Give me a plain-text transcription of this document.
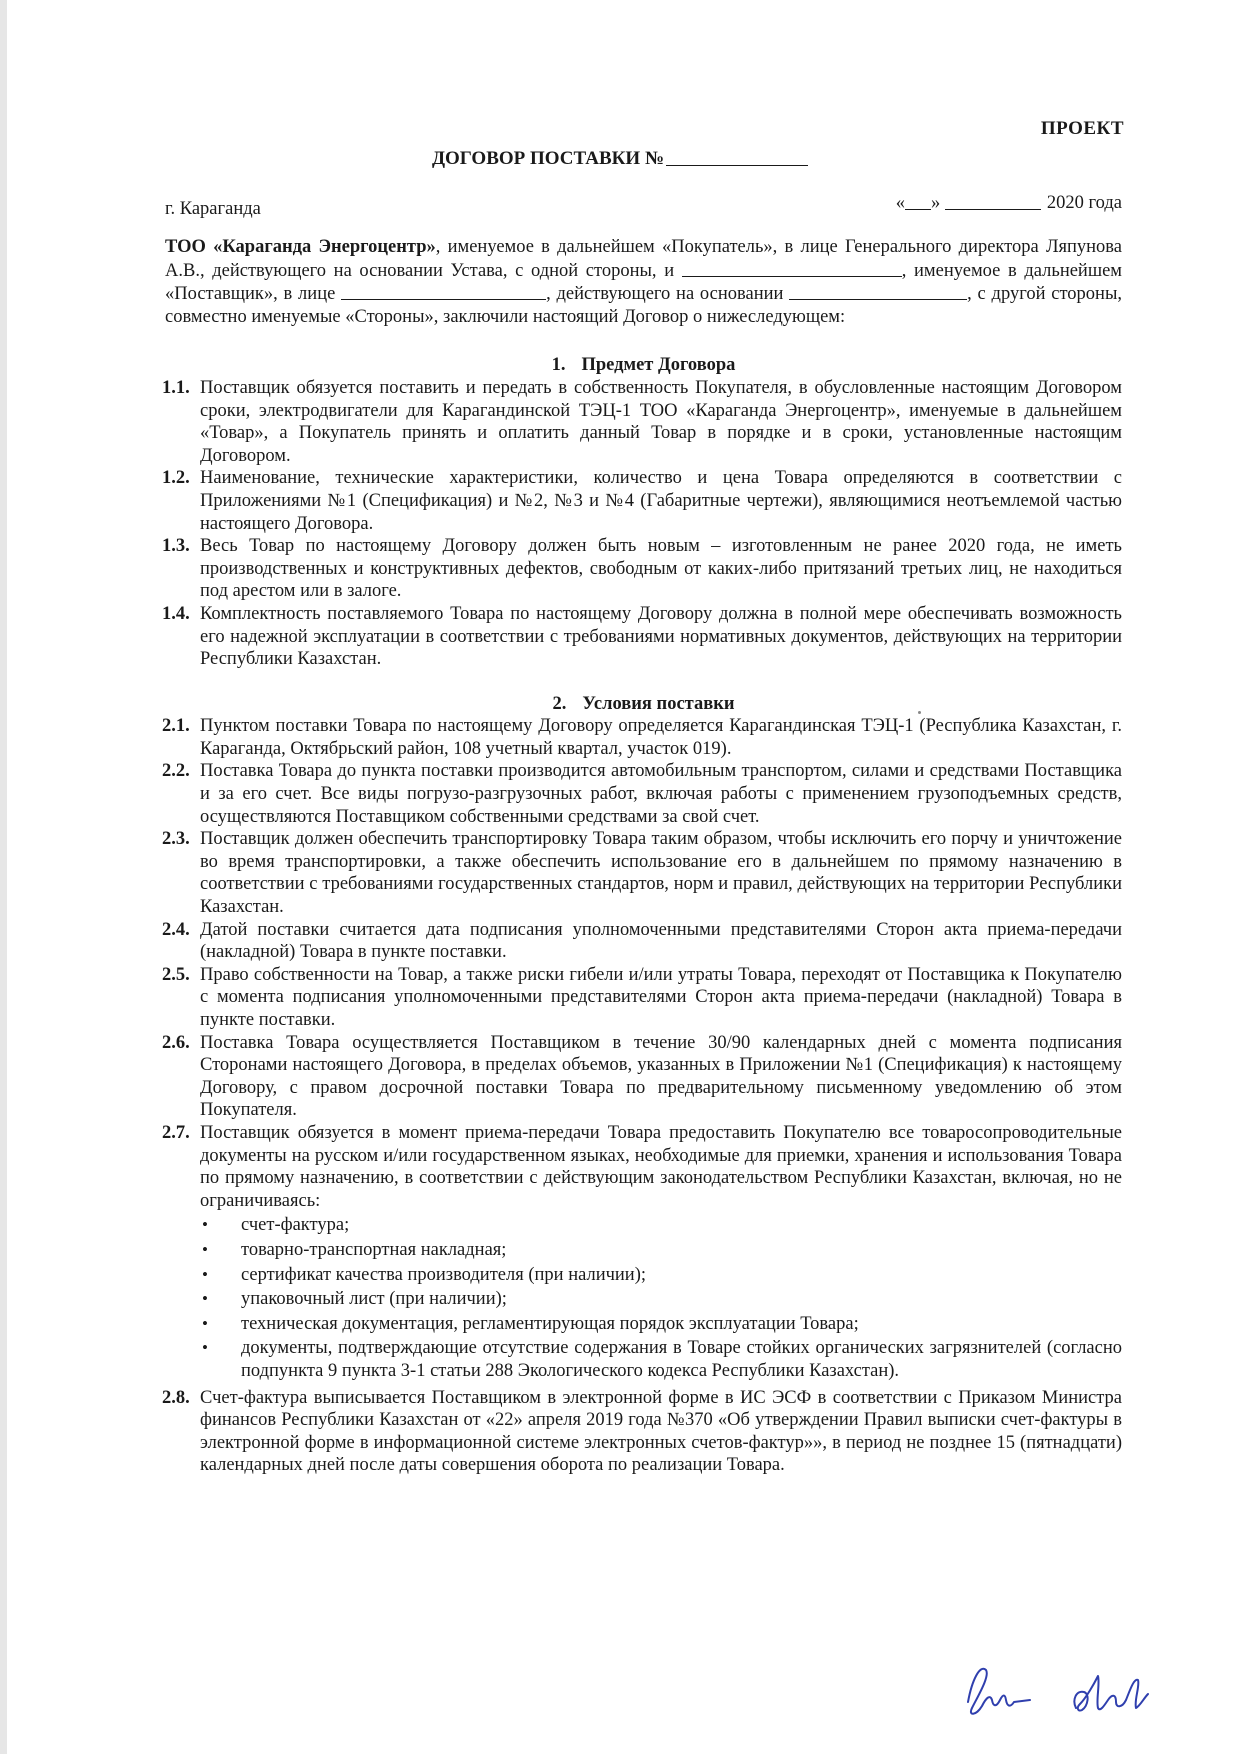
ПРОЕКТ
ДОГОВОР ПОСТАВКИ №
г. Караганда	« »	2020 года

ТОО «Караганда Энергоцентр», именуемое в дальнейшем «Покупатель», в лице Генерального директора Ляпунова А.В., действующего на основании Устава, с одной стороны, и	, именуемое в дальнейшем «Поставщик», в лице	, действующего на основании	, с другой стороны, совместно именуемые «Стороны», заключили настоящий Договор о нижеследующем:

1. Предмет Договора

1.1. Поставщик обязуется поставить и передать в собственность Покупателя, в обусловленные настоящим Договором сроки, электродвигатели для Карагандинской ТЭЦ-1 ТОО «Караганда Энергоцентр», именуемые в дальнейшем «Товар», а Покупатель принять и оплатить данный Товар в порядке и в сроки, установленные настоящим Договором.

1.2. Наименование, технические характеристики, количество и цена Товара определяются в соответствии с Приложениями №1 (Спецификация) и №2, №3 и №4 (Габаритные чертежи), являющимися неотъемлемой частью настоящего Договора.

1.3. Весь Товар по настоящему Договору должен быть новым – изготовленным не ранее 2020 года, не иметь производственных и конструктивных дефектов, свободным от каких-либо притязаний третьих лиц, не находиться под арестом или в залоге.

1.4. Комплектность поставляемого Товара по настоящему Договору должна в полной мере обеспечивать возможность его надежной эксплуатации в соответствии с требованиями нормативных документов, действующих на территории Республики Казахстан.

2. Условия поставки

2.1. Пунктом поставки Товара по настоящему Договору определяется Карагандинская ТЭЦ-1 (Республика Казахстан, г. Караганда, Октябрьский район, 108 учетный квартал, участок 019).

2.2. Поставка Товара до пункта поставки производится автомобильным транспортом, силами и средствами Поставщика и за его счет. Все виды погрузо-разгрузочных работ, включая работы с применением грузоподъемных средств, осуществляются Поставщиком собственными средствами за свой счет.

2.3. Поставщик должен обеспечить транспортировку Товара таким образом, чтобы исключить его порчу и уничтожение во время транспортировки, а также обеспечить использование его в дальнейшем по прямому назначению в соответствии с требованиями государственных стандартов, норм и правил, действующих на территории Республики Казахстан.

2.4. Датой поставки считается дата подписания уполномоченными представителями Сторон акта приема-передачи (накладной) Товара в пункте поставки.

2.5. Право собственности на Товар, а также риски гибели и/или утраты Товара, переходят от Поставщика к Покупателю с момента подписания уполномоченными представителями Сторон акта приема-передачи (накладной) Товара в пункте поставки.

2.6. Поставка Товара осуществляется Поставщиком в течение 30/90 календарных дней с момента подписания Сторонами настоящего Договора, в пределах объемов, указанных в Приложении №1 (Спецификация) к настоящему Договору, с правом досрочной поставки Товара по предварительному письменному уведомлению об этом Покупателя.

2.7. Поставщик обязуется в момент приема-передачи Товара предоставить Покупателю все товаросопроводительные документы на русском и/или государственном языках, необходимые для приемки, хранения и использования Товара по прямому назначению, в соответствии с действующим законодательством Республики Казахстан, включая, но не ограничиваясь:

• счет-фактура;
• товарно-транспортная накладная;
• сертификат качества производителя (при наличии);
• упаковочный лист (при наличии);
• техническая документация, регламентирующая порядок эксплуатации Товара;
• документы, подтверждающие отсутствие содержания в Товаре стойких органических загрязнителей (согласно подпункта 9 пункта 3-1 статьи 288 Экологического кодекса Республики Казахстан).

2.8. Счет-фактура выписывается Поставщиком в электронной форме в ИС ЭСФ в соответствии с Приказом Министра финансов Республики Казахстан от «22» апреля 2019 года №370 «Об утверждении Правил выписки счет-фактуры в электронной форме в информационной системе электронных счетов-фактур»», в период не позднее 15 (пятнадцати) календарных дней после даты совершения оборота по реализации Товара.
